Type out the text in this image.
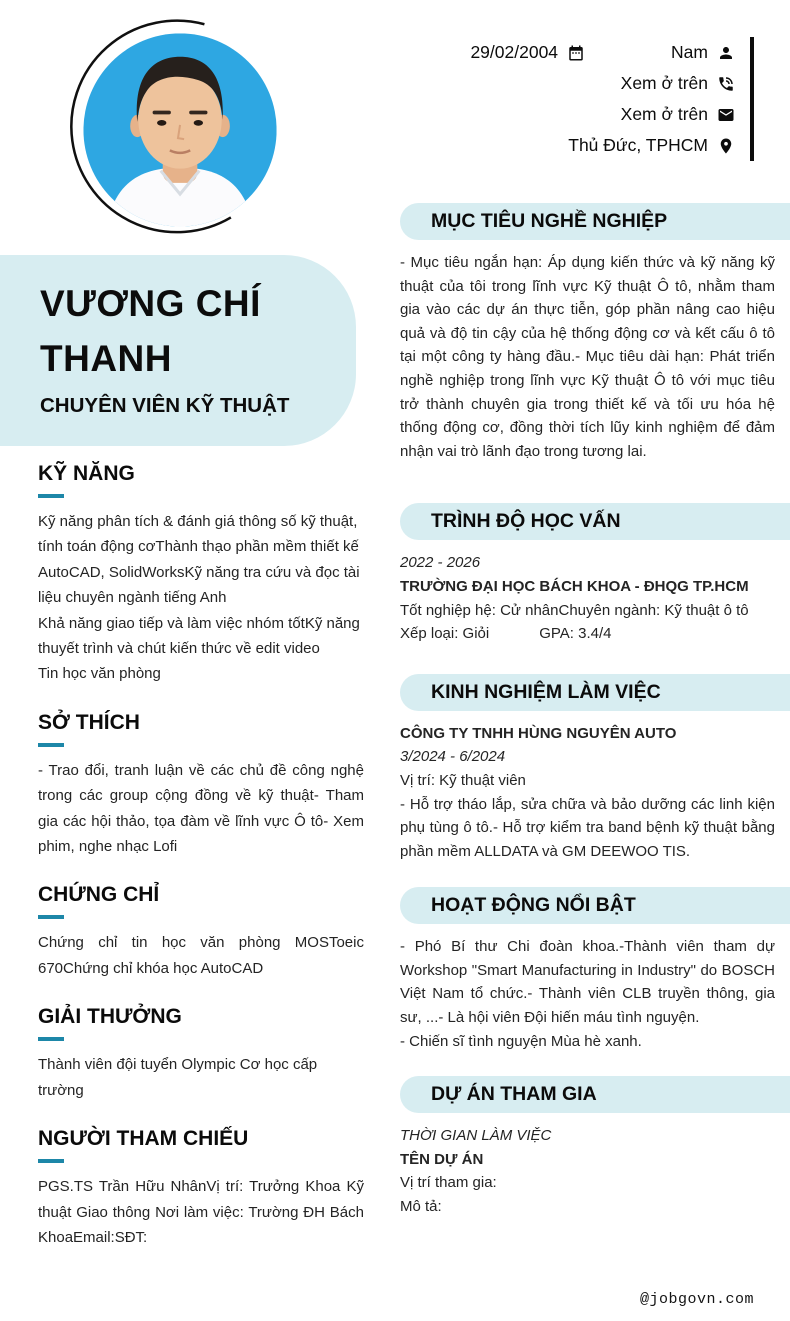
29/02/2004	Nam
Xem ở trên
Xem ở trên
Thủ Đức, TPHCM
VƯƠNG CHÍ THANH
CHUYÊN VIÊN KỸ THUẬT
KỸ NĂNG

Kỹ năng phân tích & đánh giá thông số kỹ thuật, tính toán động cơThành thạo phần mềm thiết kế AutoCAD, SolidWorksKỹ năng tra cứu và đọc tài liệu chuyên ngành tiếng Anh

Khả năng giao tiếp và làm việc nhóm tốtKỹ năng thuyết trình và chút kiến thức về edit video

Tin học văn phòng

SỞ THÍCH

- Trao đổi, tranh luận về các chủ đề công nghệ trong các group cộng đồng về kỹ thuật- Tham gia các hội thảo, tọa đàm về lĩnh vực Ô tô- Xem phim, nghe nhạc Lofi

CHỨNG CHỈ

Chứng chỉ tin học văn phòng MOSToeic 670Chứng chỉ khóa học AutoCAD

GIẢI THƯỞNG

Thành viên đội tuyển Olympic Cơ học cấp trường

NGƯỜI THAM CHIẾU

PGS.TS Trần Hữu NhânVị trí: Trưởng Khoa Kỹ thuật Giao thông Nơi làm việc: Trường ĐH Bách KhoaEmail:SĐT:

MỤC TIÊU NGHỀ NGHIỆP

- Mục tiêu ngắn hạn: Áp dụng kiến thức và kỹ năng kỹ thuật của tôi trong lĩnh vực Kỹ thuật Ô tô, nhằm tham gia vào các dự án thực tiễn, góp phần nâng cao hiệu quả và độ tin cậy của hệ thống động cơ và kết cấu ô tô tại một công ty hàng đầu.- Mục tiêu dài hạn: Phát triển nghề nghiệp trong lĩnh vực Kỹ thuật Ô tô với mục tiêu trở thành chuyên gia trong thiết kế và tối ưu hóa hệ thống động cơ, đồng thời tích lũy kinh nghiệm để đảm nhận vai trò lãnh đạo trong tương lai.

TRÌNH ĐỘ HỌC VẤN

2022 - 2026

TRƯỜNG ĐẠI HỌC BÁCH KHOA - ĐHQG TP.HCM

Tốt nghiệp hệ: Cử nhânChuyên ngành: Kỹ thuật ô tô

Xếp loại: Giỏi	GPA: 3.4/4

KINH NGHIỆM LÀM VIỆC

CÔNG TY TNHH HÙNG NGUYÊN AUTO

3/2024 - 6/2024

Vị trí: Kỹ thuật viên

- Hỗ trợ tháo lắp, sửa chữa và bảo dưỡng các linh kiện phụ tùng ô tô.- Hỗ trợ kiểm tra band bệnh kỹ thuật bằng phần mềm ALLDATA và GM DEEWOO TIS.

HOẠT ĐỘNG NỔI BẬT

- Phó Bí thư Chi đoàn khoa.-Thành viên tham dự Workshop "Smart Manufacturing in Industry" do BOSCH Việt Nam tổ chức.- Thành viên CLB truyền thông, gia sư, ...- Là hội viên Đội hiến máu tình nguyện.

- Chiến sĩ tình nguyện Mùa hè xanh.

DỰ ÁN THAM GIA

THỜI GIAN LÀM VIỆC

TÊN DỰ ÁN

Vị trí tham gia:

Mô tả:

@jobgovn.com
